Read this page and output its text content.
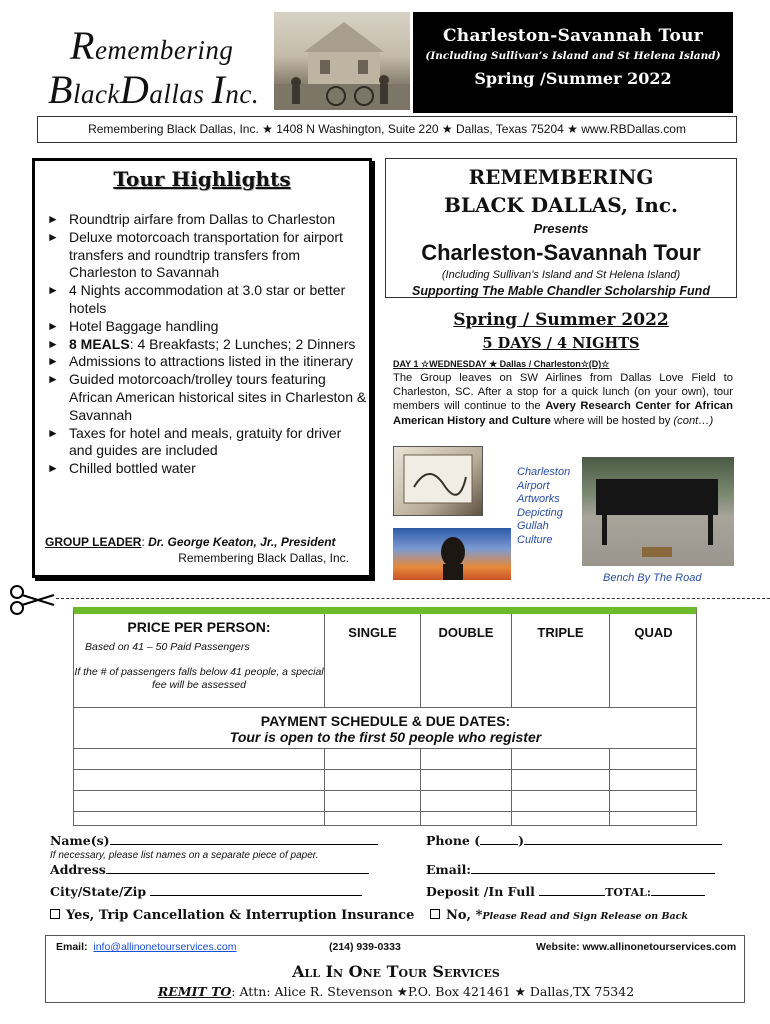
Remembering
BlackDallas Inc.
Charleston-Savannah Tour
(Including Sullivan’s Island and St Helena Island)
Spring /Summer 2022
Remembering Black Dallas, Inc. ★ 1408 N Washington, Suite 220 ★ Dallas, Texas 75204 ★ www.RBDallas.com
Tour Highlights
► Roundtrip airfare from Dallas to Charleston
► Deluxe motorcoach transportation for airport transfers and roundtrip transfers from Charleston to Savannah
► 4 Nights accommodation at 3.0 star or better hotels
► Hotel Baggage handling
► 8 MEALS: 4 Breakfasts; 2 Lunches; 2 Dinners
► Admissions to attractions listed in the itinerary
► Guided motorcoach/trolley tours featuring African American historical sites in Charleston & Savannah
► Taxes for hotel and meals, gratuity for driver and guides are included
► Chilled bottled water
GROUP LEADER: Dr. George Keaton, Jr., President
Remembering Black Dallas, Inc.
REMEMBERING
BLACK DALLAS, Inc.
Presents
Charleston-Savannah Tour
(Including Sullivan’s Island and St Helena Island)
Supporting The Mable Chandler Scholarship Fund
Spring / Summer 2022
5 DAYS / 4 NIGHTS
DAY 1 ☆WEDNESDAY ★ Dallas / Charleston☆(D)☆
The Group leaves on SW Airlines from Dallas Love Field to Charleston, SC. After a stop for a quick lunch (on your own), tour members will continue to the Avery Research Center for African American History and Culture where will be hosted by (cont…)
Charleston Airport Artworks Depicting Gullah Culture
Bench By The Road
PRICE PER PERSON:
Based on 41 – 50 Paid Passengers
If the # of passengers falls below 41 people, a special fee will be assessed
SINGLE	DOUBLE	TRIPLE	QUAD
PAYMENT SCHEDULE & DUE DATES:
Tour is open to the first 50 people who register
Name(s)	Phone (	)
If necessary, please list names on a separate piece of paper.
Address	Email:
City/State/Zip	Deposit /In Full	TOTAL:
Yes, Trip Cancellation & Interruption Insurance	No, *Please Read and Sign Release on Back
Email: info@allinonetourservices.com	(214) 939-0333	Website: www.allinonetourservices.com
All In One Tour Services
REMIT TO: Attn: Alice R. Stevenson ★P.O. Box 421461 ★ Dallas,TX 75342
